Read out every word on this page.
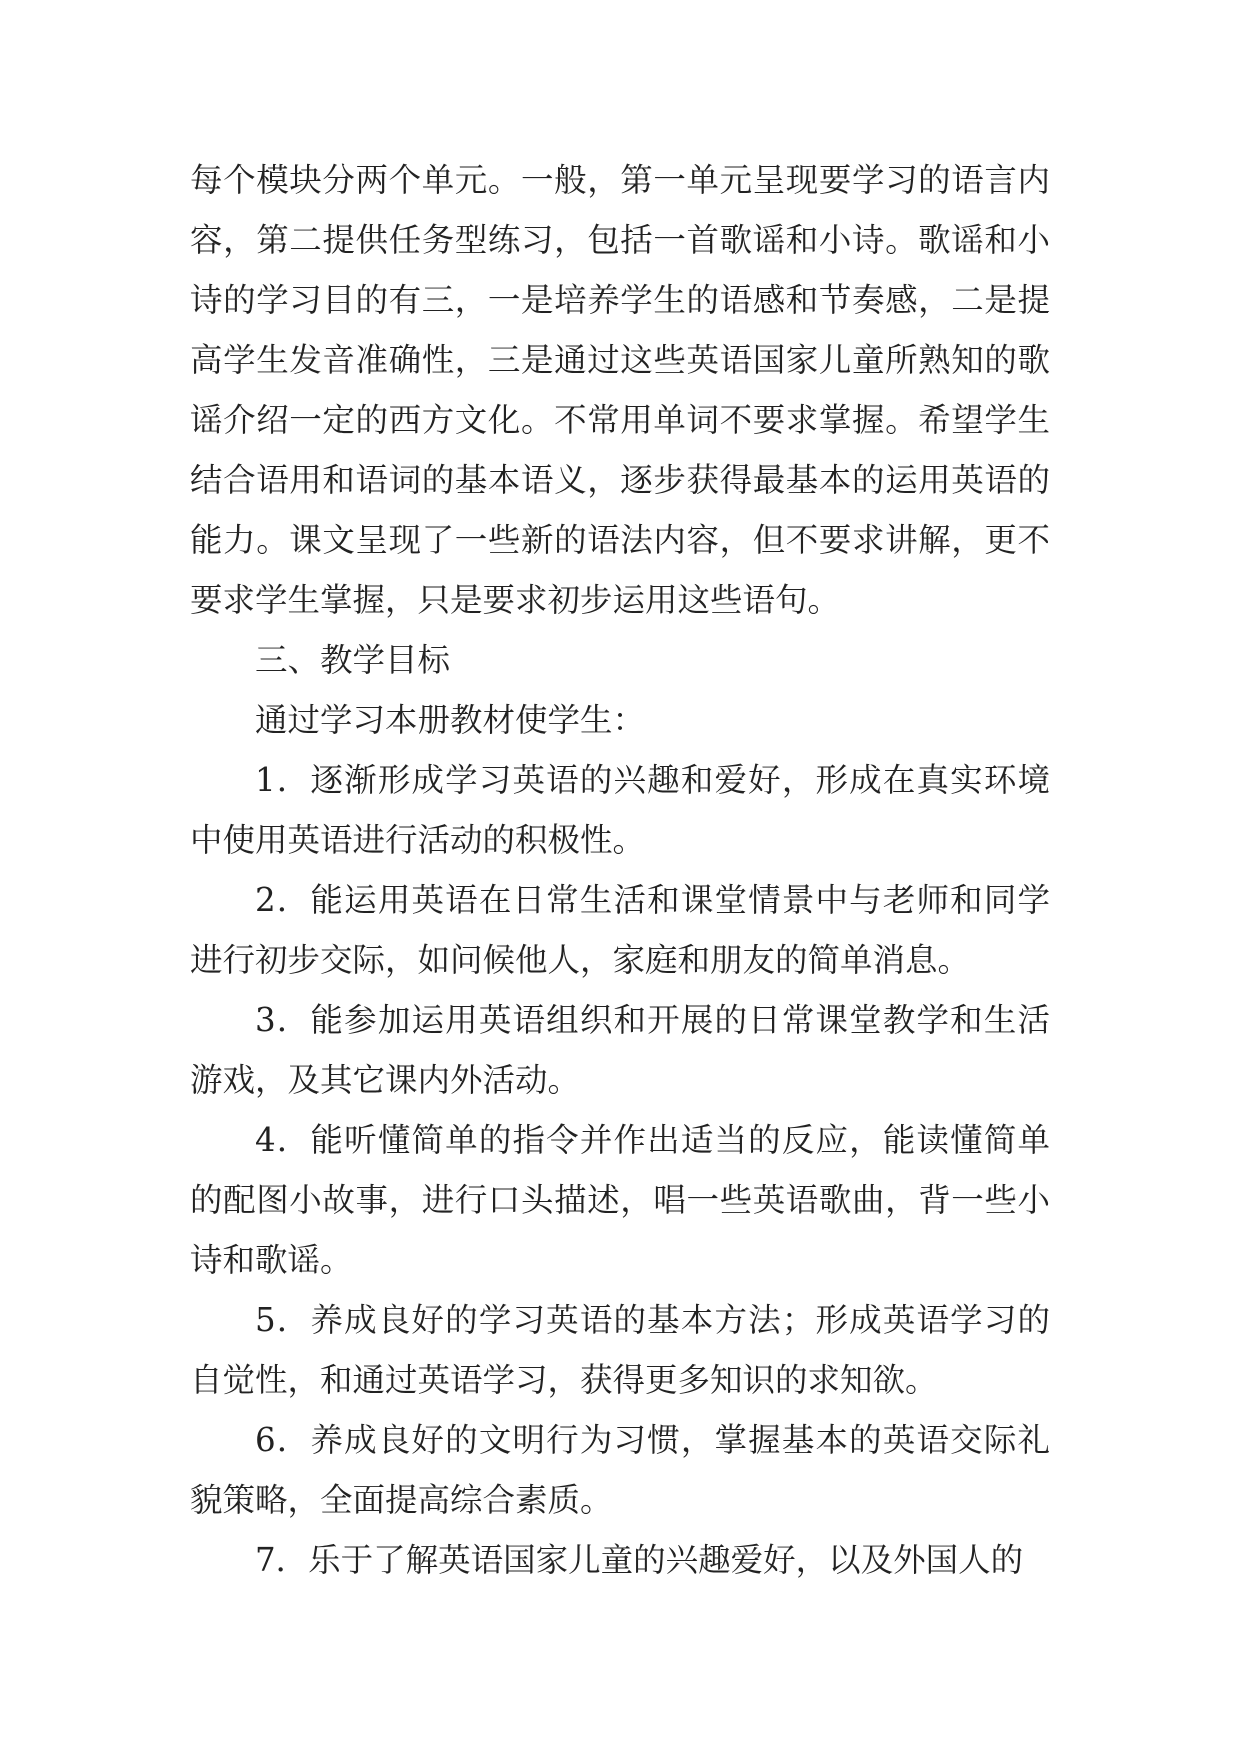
每个模块分两个单元。一般，第一单元呈现要学习的语言内容，第二提供任务型练习，包括一首歌谣和小诗。歌谣和小诗的学习目的有三，一是培养学生的语感和节奏感，二是提高学生发音准确性，三是通过这些英语国家儿童所熟知的歌谣介绍一定的西方文化。不常用单词不要求掌握。希望学生结合语用和语词的基本语义，逐步获得最基本的运用英语的能力。课文呈现了一些新的语法内容，但不要求讲解，更不要求学生掌握，只是要求初步运用这些语句。

三、教学目标

通过学习本册教材使学生：

1．逐渐形成学习英语的兴趣和爱好，形成在真实环境中使用英语进行活动的积极性。

2．能运用英语在日常生活和课堂情景中与老师和同学进行初步交际，如问候他人，家庭和朋友的简单消息。

3．能参加运用英语组织和开展的日常课堂教学和生活游戏，及其它课内外活动。

4．能听懂简单的指令并作出适当的反应，能读懂简单的配图小故事，进行口头描述，唱一些英语歌曲，背一些小诗和歌谣。

5．养成良好的学习英语的基本方法；形成英语学习的自觉性，和通过英语学习，获得更多知识的求知欲。

6．养成良好的文明行为习惯，掌握基本的英语交际礼貌策略，全面提高综合素质。

7．乐于了解英语国家儿童的兴趣爱好，以及外国人的
